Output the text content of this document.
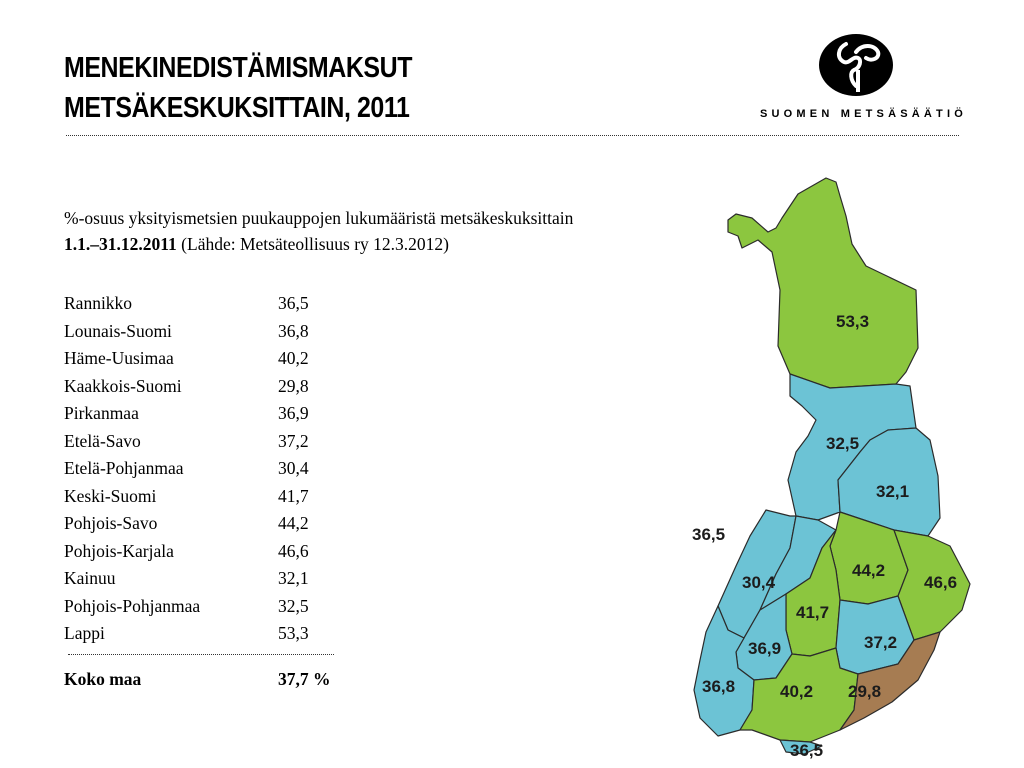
MENEKINEDISTÄMISMAKSUT
METSÄKESKUKSITTAIN, 2011	SUOMEN METSÄSÄÄTIÖ

%-osuus yksityismetsien puukauppojen lukumääristä metsäkeskuksittain
1.1.–31.12.2011 (Lähde: Metsäteollisuus ry 12.3.2012)

Rannikko	36,5
Lounais-Suomi	36,8
Häme-Uusimaa	40,2
Kaakkois-Suomi	29,8
Pirkanmaa	36,9
Etelä-Savo	37,2
Etelä-Pohjanmaa	30,4
Keski-Suomi	41,7
Pohjois-Savo	44,2
Pohjois-Karjala	46,6
Kainuu	32,1
Pohjois-Pohjanmaa	32,5
Lappi	53,3
Koko maa	37,7 %
53,3
32,5
32,1
36,5
30,4
44,2
46,6
41,7
36,9	37,2
36,8	40,2 29,8
36,5
